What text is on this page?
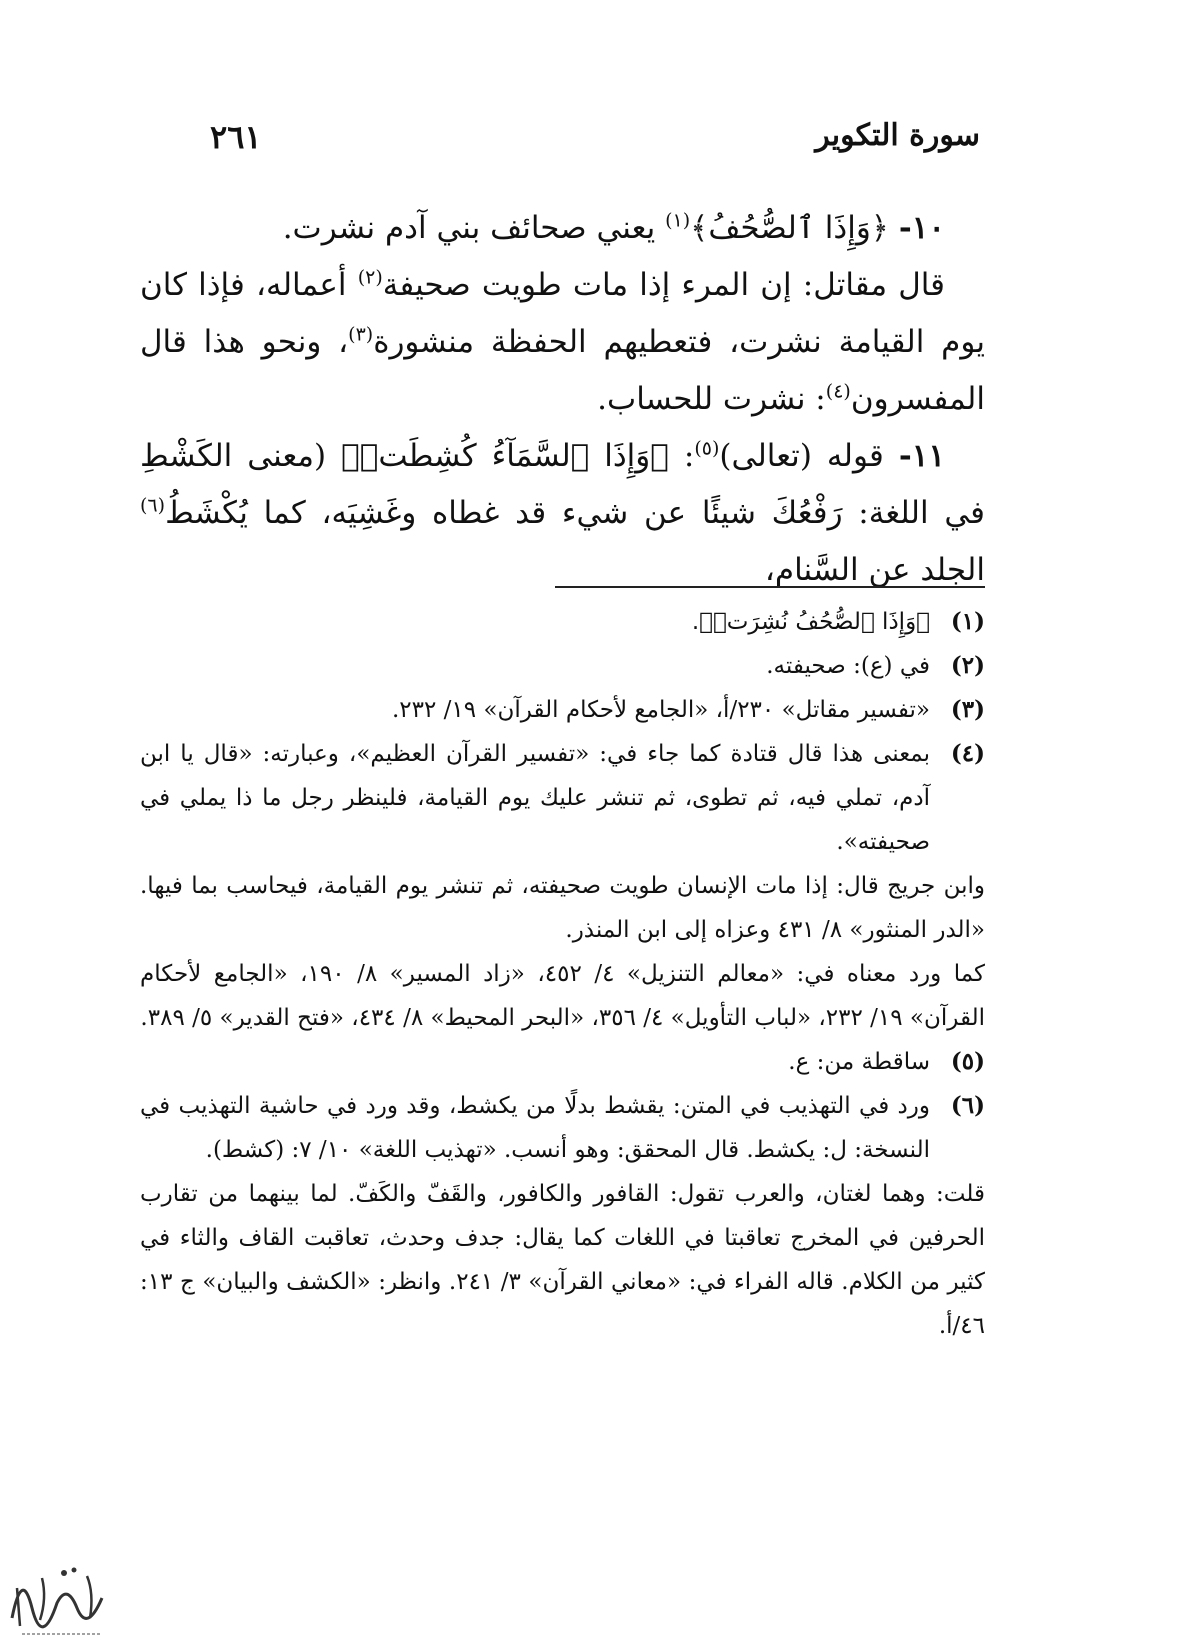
سورة التكوير
٢٦١

١٠- ﴿وَإِذَا ٱلصُّحُفُ﴾$^{(١)}$ يعني صحائف بني آدم نشرت.

قال مقاتل: إن المرء إذا مات طويت صحيفة$^{(٢)}$ أعماله، فإذا كان يوم القيامة نشرت، فتعطيهم الحفظة منشورة$^{(٣)}$، ونحو هذا قال المفسرون$^{(٤)}$: نشرت للحساب.

١١- قوله (تعالى)$^{(٥)}$: ﴿وَإِذَا ٱلسَّمَآءُ كُشِطَتۡ﴾ (معنى الكَشْطِ في اللغة: رَفْعُكَ شيئًا عن شيء قد غطاه وغَشِيَه، كما يُكْشَطُ$^{(٦)}$ الجلد عن السَّنام،

(١)
﴿وَإِذَا ٱلصُّحُفُ نُشِرَتۡ﴾.
(٢)
في (ع): صحيفته.
(٣)
«تفسير مقاتل» ٢٣٠/أ، «الجامع لأحكام القرآن» ١٩/ ٢٣٢.
(٤)
بمعنى هذا قال قتادة كما جاء في: «تفسير القرآن العظيم»، وعبارته: «قال يا ابن آدم، تملي فيه، ثم تطوى، ثم تنشر عليك يوم القيامة، فلينظر رجل ما ذا يملي في صحيفته».
وابن جريج قال: إذا مات الإنسان طويت صحيفته، ثم تنشر يوم القيامة، فيحاسب بما فيها. «الدر المنثور» ٨/ ٤٣١ وعزاه إلى ابن المنذر.
كما ورد معناه في: «معالم التنزيل» ٤/ ٤٥٢، «زاد المسير» ٨/ ١٩٠، «الجامع لأحكام القرآن» ١٩/ ٢٣٢، «لباب التأويل» ٤/ ٣٥٦، «البحر المحيط» ٨/ ٤٣٤، «فتح القدير» ٥/ ٣٨٩.
(٥)
ساقطة من: ع.
(٦)
ورد في التهذيب في المتن: يقشط بدلًا من يكشط، وقد ورد في حاشية التهذيب في النسخة: ل: يكشط. قال المحقق: وهو أنسب. «تهذيب اللغة» ١٠/ ٧: (كشط).
قلت: وهما لغتان، والعرب تقول: القافور والكافور، والقَفّ والكَفّ. لما بينهما من تقارب الحرفين في المخرج تعاقبتا في اللغات كما يقال: جدف وحدث، تعاقبت القاف والثاء في كثير من الكلام. قاله الفراء في: «معاني القرآن» ٣/ ٢٤١. وانظر: «الكشف والبيان» ج ١٣: ٤٦/أ.
